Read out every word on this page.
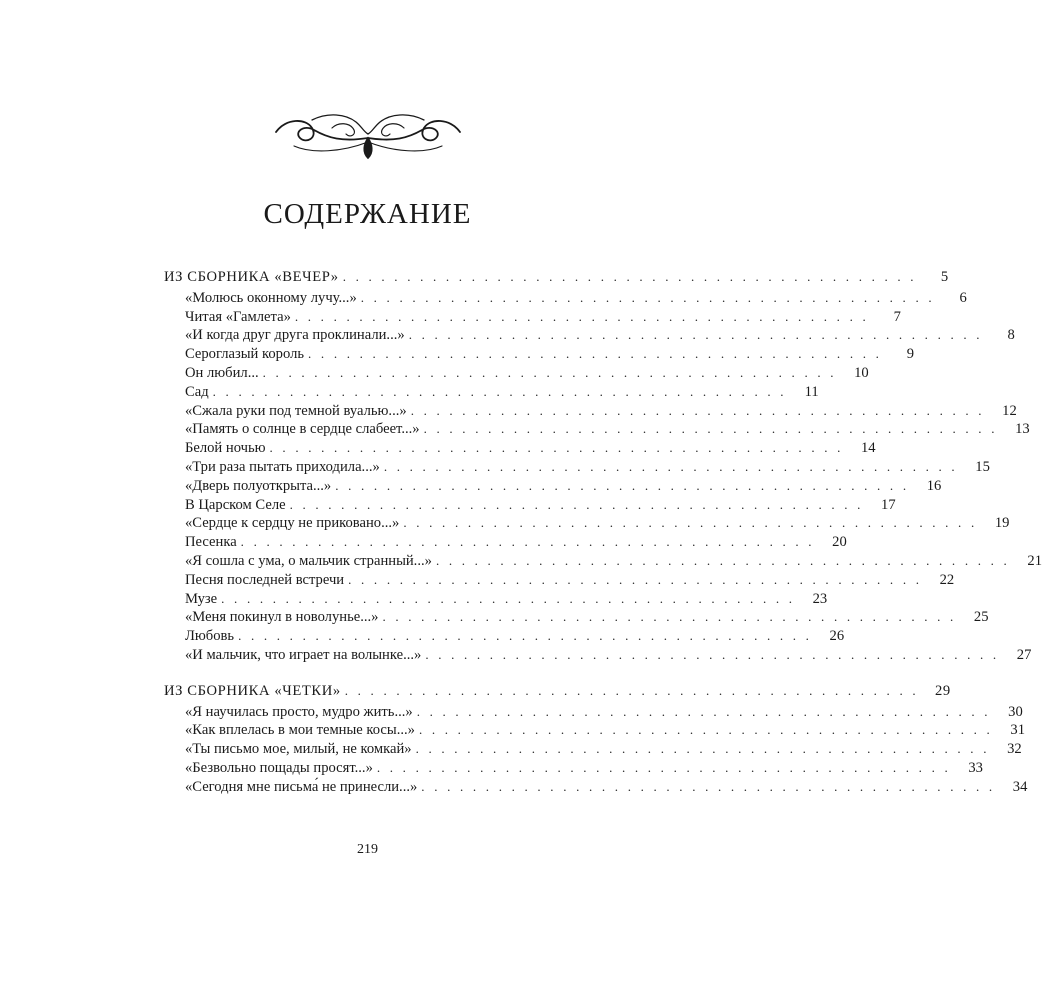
СОДЕРЖАНИЕ
ИЗ СБОРНИКА «ВЕЧЕР» . . . . . . . . . . . . . . . . . . . . . . . . . . . . . . . . . . . . . . . . . . . . .	5
«Молюсь оконному лучу...» . . . . . . . . . . . . . . . . . . . . . . . . . . . . . . . . . . . . . . . . . . . . .	6
Читая «Гамлета» . . . . . . . . . . . . . . . . . . . . . . . . . . . . . . . . . . . . . . . . . . . . .	7
«И когда друг друга проклинали...» . . . . . . . . . . . . . . . . . . . . . . . . . . . . . . . . . . . . . . . . . . . . .	8
Сероглазый король . . . . . . . . . . . . . . . . . . . . . . . . . . . . . . . . . . . . . . . . . . . . .	9
Он любил... . . . . . . . . . . . . . . . . . . . . . . . . . . . . . . . . . . . . . . . . . . . . .	10
Сад . . . . . . . . . . . . . . . . . . . . . . . . . . . . . . . . . . . . . . . . . . . . .	11
«Сжала руки под темной вуалью...» . . . . . . . . . . . . . . . . . . . . . . . . . . . . . . . . . . . . . . . . . . . . .	12
«Память о солнце в сердце слабеет...» . . . . . . . . . . . . . . . . . . . . . . . . . . . . . . . . . . . . . . . . . . . . .	13
Белой ночью . . . . . . . . . . . . . . . . . . . . . . . . . . . . . . . . . . . . . . . . . . . . .	14
«Три раза пытать приходила...» . . . . . . . . . . . . . . . . . . . . . . . . . . . . . . . . . . . . . . . . . . . . .	15
«Дверь полуоткрыта...» . . . . . . . . . . . . . . . . . . . . . . . . . . . . . . . . . . . . . . . . . . . . .	16
В Царском Селе . . . . . . . . . . . . . . . . . . . . . . . . . . . . . . . . . . . . . . . . . . . . .	17
«Сердце к сердцу не приковано...» . . . . . . . . . . . . . . . . . . . . . . . . . . . . . . . . . . . . . . . . . . . . .	19
Песенка . . . . . . . . . . . . . . . . . . . . . . . . . . . . . . . . . . . . . . . . . . . . .	20
«Я сошла с ума, о мальчик странный...» . . . . . . . . . . . . . . . . . . . . . . . . . . . . . . . . . . . . . . . . . . . . .	21
Песня последней встречи . . . . . . . . . . . . . . . . . . . . . . . . . . . . . . . . . . . . . . . . . . . . .	22
Музе . . . . . . . . . . . . . . . . . . . . . . . . . . . . . . . . . . . . . . . . . . . . .	23
«Меня покинул в новолунье...» . . . . . . . . . . . . . . . . . . . . . . . . . . . . . . . . . . . . . . . . . . . . .	25
Любовь . . . . . . . . . . . . . . . . . . . . . . . . . . . . . . . . . . . . . . . . . . . . .	26
«И мальчик, что играет на волынке...» . . . . . . . . . . . . . . . . . . . . . . . . . . . . . . . . . . . . . . . . . . . . .	27
ИЗ СБОРНИКА «ЧЕТКИ» . . . . . . . . . . . . . . . . . . . . . . . . . . . . . . . . . . . . . . . . . . . . .	29
«Я научилась просто, мудро жить...» . . . . . . . . . . . . . . . . . . . . . . . . . . . . . . . . . . . . . . . . . . . . .	30
«Как вплелась в мои темные косы...» . . . . . . . . . . . . . . . . . . . . . . . . . . . . . . . . . . . . . . . . . . . . .	31
«Ты письмо мое, милый, не комкай» . . . . . . . . . . . . . . . . . . . . . . . . . . . . . . . . . . . . . . . . . . . . .	32
«Безвольно пощады просят...» . . . . . . . . . . . . . . . . . . . . . . . . . . . . . . . . . . . . . . . . . . . . .	33
«Сегодня мне письма́ не принесли...» . . . . . . . . . . . . . . . . . . . . . . . . . . . . . . . . . . . . . . . . . . . . .	34
219
